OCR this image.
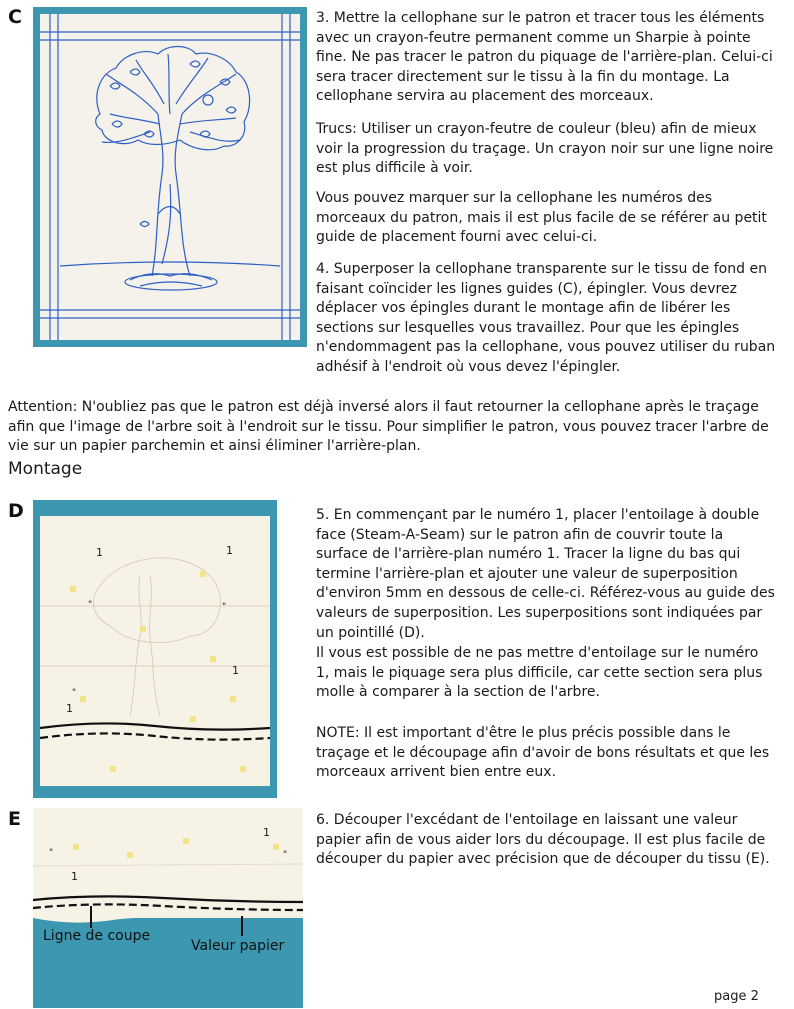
C	3. Mettre la cellophane sur le patron et tracer tous les éléments avec un crayon-feutre permanent comme un Sharpie à pointe fine. Ne pas tracer le patron du piquage de l'arrière-plan. Celui-ci sera tracer directement sur le tissu à la fin du montage. La cellophane servira au placement des morceaux.

Trucs: Utiliser un crayon-feutre de couleur (bleu) afin de mieux voir la progression du traçage. Un crayon noir sur une ligne noire est plus difficile à voir.

Vous pouvez marquer sur la cellophane les numéros des morceaux du patron, mais il est plus facile de se référer au petit guide de placement fourni avec celui-ci.

4. Superposer la cellophane transparente sur le tissu de fond en faisant coïncider les lignes guides (C), épingler. Vous devrez déplacer vos épingles durant le montage afin de libérer les sections sur lesquelles vous travaillez. Pour que les épingles n'endommagent pas la cellophane, vous pouvez utiliser du ruban adhésif à l'endroit où vous devez l'épingler.

Attention: N'oubliez pas que le patron est déjà inversé alors il faut retourner la cellophane après le traçage afin que l'image de l'arbre soit à l'endroit sur le tissu. Pour simplifier le patron, vous pouvez tracer l'arbre de vie sur un papier parchemin et ainsi éliminer l'arrière-plan.

Montage
D
1	1
1
1
"	"
"

5. En commençant par le numéro 1, placer l'entoilage à double face (Steam-A-Seam) sur le patron afin de couvrir toute la surface de l'arrière-plan numéro 1. Tracer la ligne du bas qui termine l'arrière-plan et ajouter une valeur de superposition d'environ 5mm en dessous de celle-ci. Référez-vous au guide des valeurs de superposition. Les superpositions sont indiquées par un pointillé (D).

Il vous est possible de ne pas mettre d'entoilage sur le numéro 1, mais le piquage sera plus difficile, car cette section sera plus molle à comparer à la section de l'arbre.

NOTE: Il est important d'être le plus précis possible dans le traçage et le découpage afin d'avoir de bons résultats et que les morceaux arrivent bien entre eux.

E
1
1
"	"
Ligne de coupe
Valeur papier

6. Découper l'excédant de l'entoilage en laissant une valeur papier afin de vous aider lors du découpage. Il est plus facile de découper du papier avec précision que de découper du tissu (E).

page 2
